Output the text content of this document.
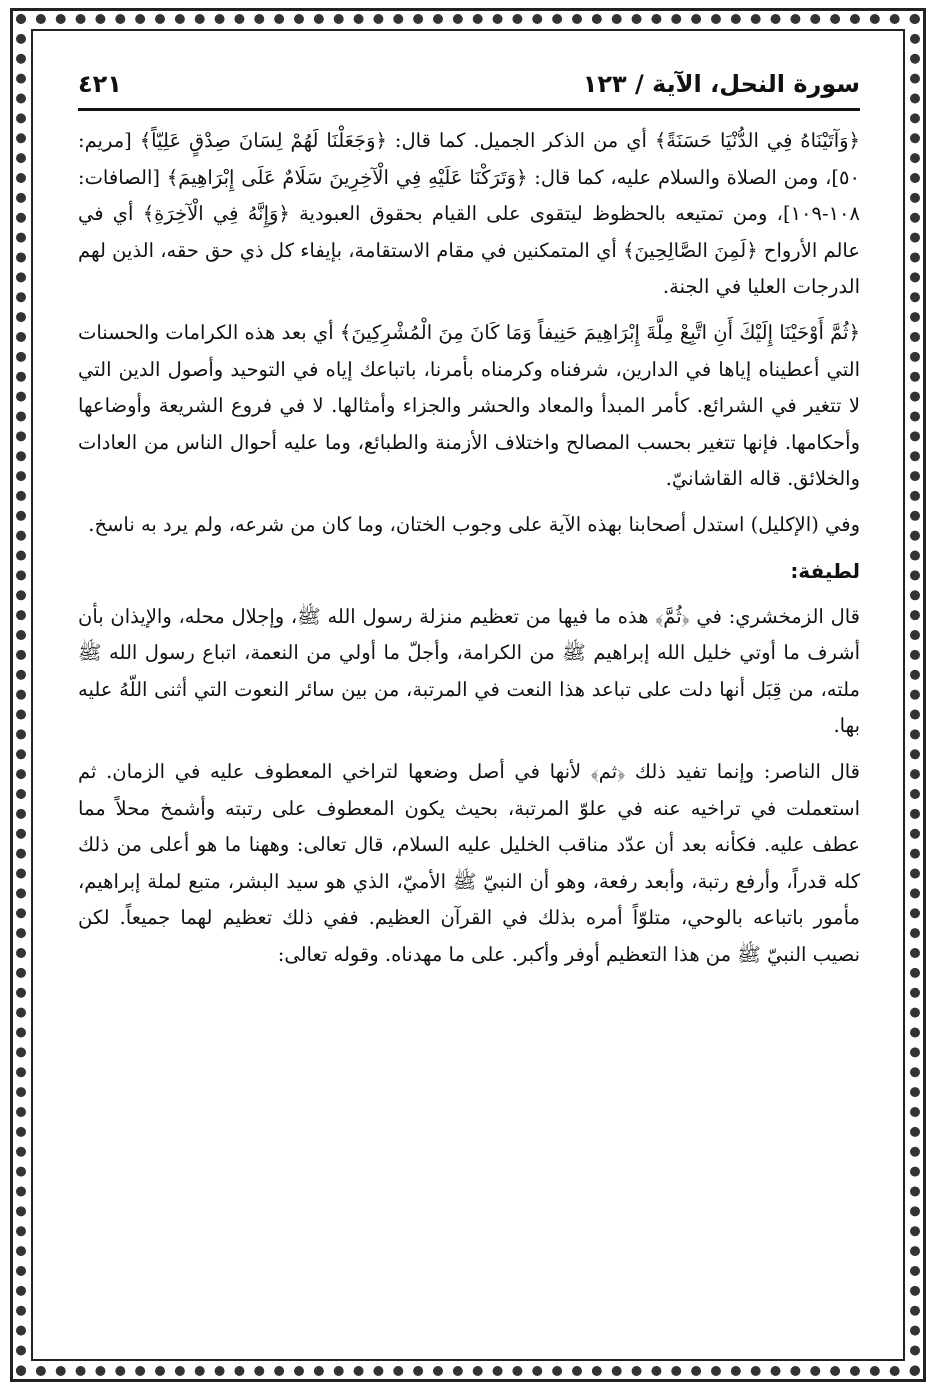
سورة النحل، الآية / ١٢٣
٤٢١

﴿وَآتَيْنَاهُ فِي الدُّنْيَا حَسَنَةً﴾ أي من الذكر الجميل. كما قال: ﴿وَجَعَلْنَا لَهُمْ لِسَانَ صِدْقٍ عَلِيّاً﴾ [مريم: ٥٠]، ومن الصلاة والسلام عليه، كما قال: ﴿وَتَرَكْنَا عَلَيْهِ فِي الْآخِرِينَ سَلَامٌ عَلَى إِبْرَاهِيمَ﴾ [الصافات: ١٠٨-١٠٩]، ومن تمتيعه بالحظوظ ليتقوى على القيام بحقوق العبودية ﴿وَإِنَّهُ فِي الْآخِرَةِ﴾ أي في عالم الأرواح ﴿لَمِنَ الصَّالِحِينَ﴾ أي المتمكنين في مقام الاستقامة، بإيفاء كل ذي حق حقه، الذين لهم الدرجات العليا في الجنة.

﴿ثُمَّ أَوْحَيْنَا إِلَيْكَ أَنِ اتَّبِعْ مِلَّةَ إِبْرَاهِيمَ حَنِيفاً وَمَا كَانَ مِنَ الْمُشْرِكِينَ﴾ أي بعد هذه الكرامات والحسنات التي أعطيناه إياها في الدارين، شرفناه وكرمناه بأمرنا، باتباعك إياه في التوحيد وأصول الدين التي لا تتغير في الشرائع. كأمر المبدأ والمعاد والحشر والجزاء وأمثالها. لا في فروع الشريعة وأوضاعها وأحكامها. فإنها تتغير بحسب المصالح واختلاف الأزمنة والطبائع، وما عليه أحوال الناس من العادات والخلائق. قاله القاشانيّ.

وفي (الإكليل) استدل أصحابنا بهذه الآية على وجوب الختان، وما كان من شرعه، ولم يرد به ناسخ.

لطيفة:

قال الزمخشري: في ﴿ثُمَّ﴾ هذه ما فيها من تعظيم منزلة رسول الله ﷺ، وإجلال محله، والإيذان بأن أشرف ما أوتي خليل الله إبراهيم ﷺ من الكرامة، وأجلّ ما أولي من النعمة، اتباع رسول الله ﷺ ملته، من قِبَل أنها دلت على تباعد هذا النعت في المرتبة، من بين سائر النعوت التي أثنى اللّهُ عليه بها.

قال الناصر: وإنما تفيد ذلك ﴿ثم﴾ لأنها في أصل وضعها لتراخي المعطوف عليه في الزمان. ثم استعملت في تراخيه عنه في علوّ المرتبة، بحيث يكون المعطوف على رتبته وأشمخ محلاً مما عطف عليه. فكأنه بعد أن عدّد مناقب الخليل عليه السلام، قال تعالى: وههنا ما هو أعلى من ذلك كله قدراً، وأرفع رتبة، وأبعد رفعة، وهو أن النبيّ ﷺ الأميّ، الذي هو سيد البشر، متبع لملة إبراهيم، مأمور باتباعه بالوحي، متلوّاً أمره بذلك في القرآن العظيم. ففي ذلك تعظيم لهما جميعاً. لكن نصيب النبيّ ﷺ من هذا التعظيم أوفر وأكبر. على ما مهدناه. وقوله تعالى:
